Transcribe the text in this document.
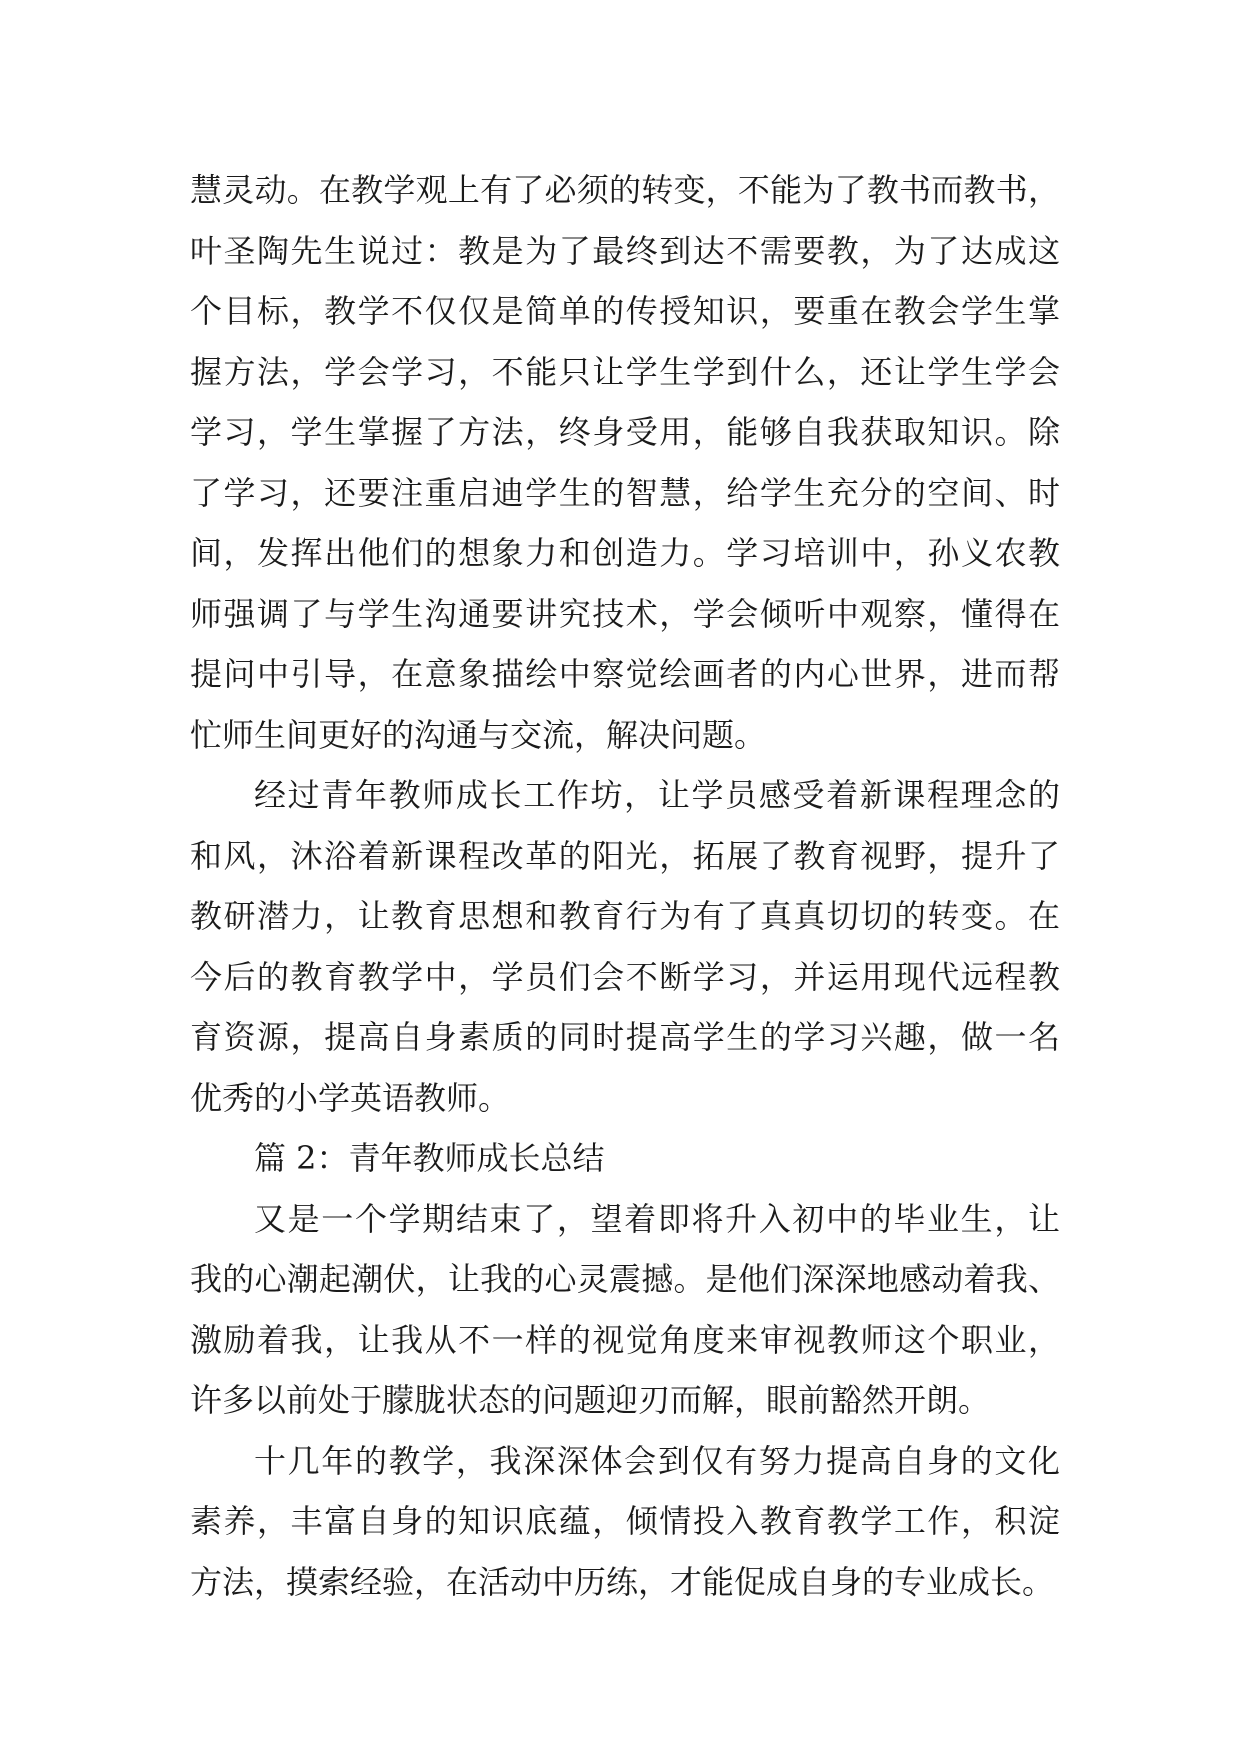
慧灵动。在教学观上有了必须的转变，不能为了教书而教书，
叶圣陶先生说过：教是为了最终到达不需要教，为了达成这
个目标，教学不仅仅是简单的传授知识，要重在教会学生掌
握方法，学会学习，不能只让学生学到什么，还让学生学会
学习，学生掌握了方法，终身受用，能够自我获取知识。除
了学习，还要注重启迪学生的智慧，给学生充分的空间、时
间，发挥出他们的想象力和创造力。学习培训中，孙义农教
师强调了与学生沟通要讲究技术，学会倾听中观察，懂得在
提问中引导，在意象描绘中察觉绘画者的内心世界，进而帮
忙师生间更好的沟通与交流，解决问题。
经过青年教师成长工作坊，让学员感受着新课程理念的
和风，沐浴着新课程改革的阳光，拓展了教育视野，提升了
教研潜力，让教育思想和教育行为有了真真切切的转变。在
今后的教育教学中，学员们会不断学习，并运用现代远程教
育资源，提高自身素质的同时提高学生的学习兴趣，做一名
优秀的小学英语教师。
篇 2：青年教师成长总结
又是一个学期结束了，望着即将升入初中的毕业生，让
我的心潮起潮伏，让我的心灵震撼。是他们深深地感动着我、
激励着我，让我从不一样的视觉角度来审视教师这个职业，
许多以前处于朦胧状态的问题迎刃而解，眼前豁然开朗。
十几年的教学，我深深体会到仅有努力提高自身的文化
素养，丰富自身的知识底蕴，倾情投入教育教学工作，积淀
方法，摸索经验，在活动中历练，才能促成自身的专业成长。
